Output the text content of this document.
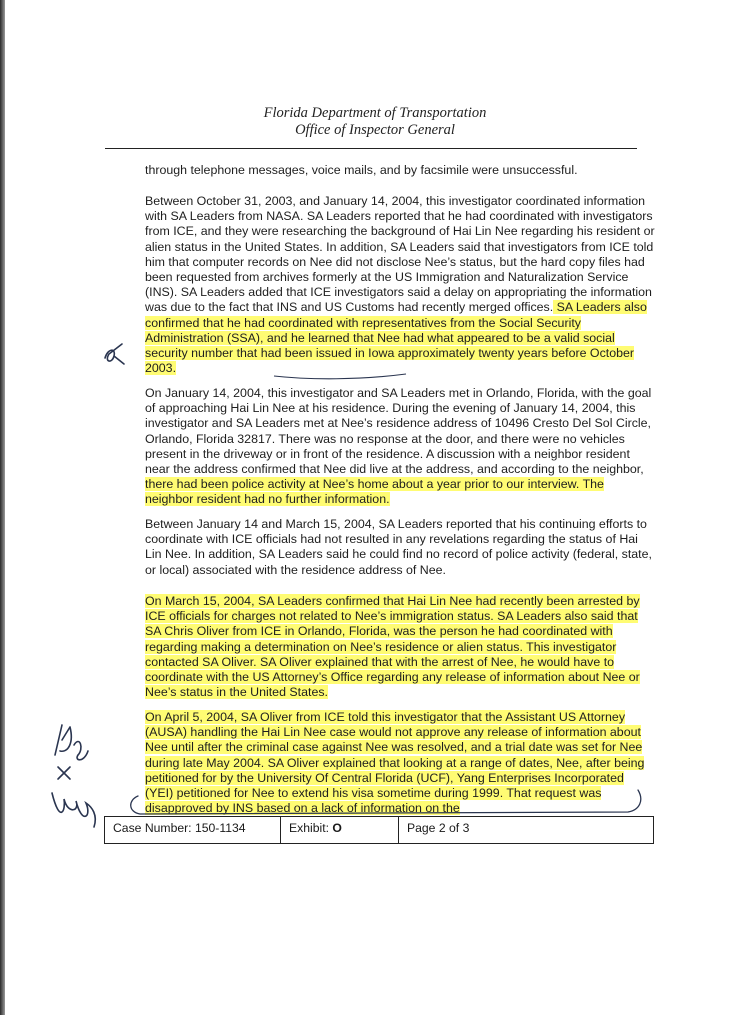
Florida Department of Transportation
Office of Inspector General

through telephone messages, voice mails, and by facsimile were unsuccessful.

Between October 31, 2003, and January 14, 2004, this investigator coordinated information with SA Leaders from NASA. SA Leaders reported that he had coordinated with investigators from ICE, and they were researching the background of Hai Lin Nee regarding his resident or alien status in the United States. In addition, SA Leaders said that investigators from ICE told him that computer records on Nee did not disclose Nee’s status, but the hard copy files had been requested from archives formerly at the US Immigration and Naturalization Service (INS). SA Leaders added that ICE investigators said a delay on appropriating the information was due to the fact that INS and US Customs had recently merged offices. SA Leaders also confirmed that he had coordinated with representatives from the Social Security Administration (SSA), and he learned that Nee had what appeared to be a valid social security number that had been issued in Iowa approximately twenty years before October 2003.

On January 14, 2004, this investigator and SA Leaders met in Orlando, Florida, with the goal of approaching Hai Lin Nee at his residence. During the evening of January 14, 2004, this investigator and SA Leaders met at Nee’s residence address of 10496 Cresto Del Sol Circle, Orlando, Florida 32817. There was no response at the door, and there were no vehicles present in the driveway or in front of the residence. A discussion with a neighbor resident near the address confirmed that Nee did live at the address, and according to the neighbor, there had been police activity at Nee’s home about a year prior to our interview. The neighbor resident had no further information.

Between January 14 and March 15, 2004, SA Leaders reported that his continuing efforts to coordinate with ICE officials had not resulted in any revelations regarding the status of Hai Lin Nee. In addition, SA Leaders said he could find no record of police activity (federal, state, or local) associated with the residence address of Nee.

On March 15, 2004, SA Leaders confirmed that Hai Lin Nee had recently been arrested by ICE officials for charges not related to Nee’s immigration status. SA Leaders also said that SA Chris Oliver from ICE in Orlando, Florida, was the person he had coordinated with regarding making a determination on Nee’s residence or alien status. This investigator contacted SA Oliver. SA Oliver explained that with the arrest of Nee, he would have to coordinate with the US Attorney’s Office regarding any release of information about Nee or Nee’s status in the United States.

On April 5, 2004, SA Oliver from ICE told this investigator that the Assistant US Attorney (AUSA) handling the Hai Lin Nee case would not approve any release of information about Nee until after the criminal case against Nee was resolved, and a trial date was set for Nee during late May 2004. SA Oliver explained that looking at a range of dates, Nee, after being petitioned for by the University Of Central Florida (UCF), Yang Enterprises Incorporated (YEI) petitioned for Nee to extend his visa sometime during 1999. That request was disapproved by INS based on a lack of information on the

Case Number: 150-1134	Exhibit: O	Page 2 of 3
